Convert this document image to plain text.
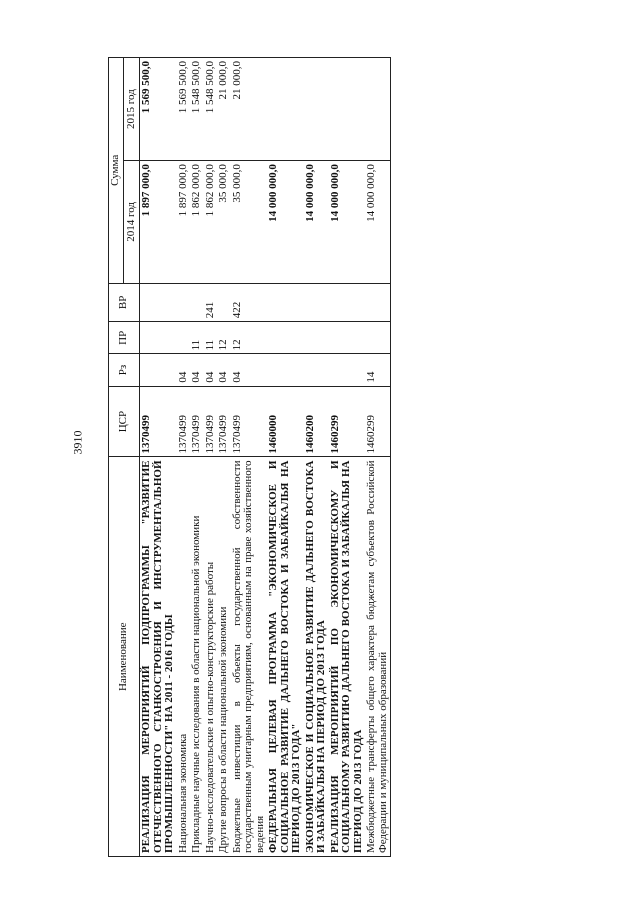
3910
Наименование	ЦСР	Рз	ПР	ВР	Сумма	
					2014 год	2015 год
РЕАЛИЗАЦИЯ МЕРОПРИЯТИЙ ПОДПРОГРАММЫ "РАЗВИТИЕ ОТЕЧЕСТВЕННОГО СТАНКОСТРОЕНИЯ И ИНСТРУМЕНТАЛЬНОЙ ПРОМЫШЛЕННОСТИ" НА 2011 - 2016 ГОДЫ	1370499				1 897 000,0	1 569 500,0
Национальная экономика	1370499	04			1 897 000,0	1 569 500,0
Прикладные научные исследования в области национальной экономики	1370499	04	11		1 862 000,0	1 548 500,0
Научно-исследовательские и опытно-конструкторские работы	1370499	04	11	241	1 862 000,0	1 548 500,0
Другие вопросы в области национальной экономики	1370499	04	12		35 000,0	21 000,0
Бюджетные инвестиции в объекты государственной собственности государственным унитарным предприятиям, основанным на праве хозяйственного ведения	1370499	04	12	422	35 000,0	21 000,0
ФЕДЕРАЛЬНАЯ ЦЕЛЕВАЯ ПРОГРАММА "ЭКОНОМИЧЕСКОЕ И СОЦИАЛЬНОЕ РАЗВИТИЕ ДАЛЬНЕГО ВОСТОКА И ЗАБАЙКАЛЬЯ НА ПЕРИОД ДО 2013 ГОДА"	1460000				14 000 000,0	
ЭКОНОМИЧЕСКОЕ И СОЦИАЛЬНОЕ РАЗВИТИЕ ДАЛЬНЕГО ВОСТОКА И ЗАБАЙКАЛЬЯ НА ПЕРИОД ДО 2013 ГОДА	1460200				14 000 000,0	
РЕАЛИЗАЦИЯ МЕРОПРИЯТИЙ ПО ЭКОНОМИЧЕСКОМУ И СОЦИАЛЬНОМУ РАЗВИТИЮ ДАЛЬНЕГО ВОСТОКА И ЗАБАЙКАЛЬЯ НА ПЕРИОД ДО 2013 ГОДА	1460299				14 000 000,0	
Межбюджетные трансферты общего характера бюджетам субъектов Российской Федерации и муниципальных образований	1460299	14			14 000 000,0	
